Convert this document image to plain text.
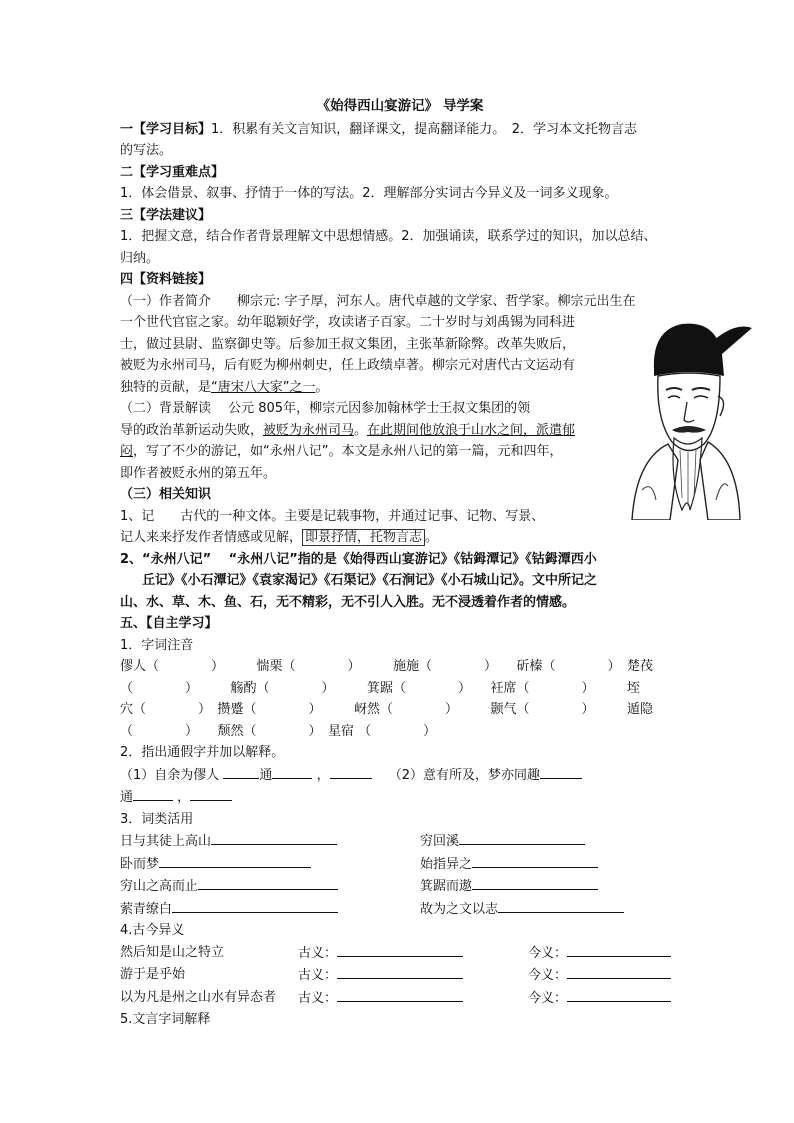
《始得西山宴游记》 导学案
一【学习目标】1．积累有关文言知识，翻译课文，提高翻译能力。　2．学习本文托物言志
的写法。
二【学习重难点】
1．体会借景、叙事、抒情于一体的写法。2．理解部分实词古今异义及一词多义现象。
三【学法建议】
1．把握文意，结合作者背景理解文中思想情感。2．加强诵读，联系学过的知识，加以总结、
归纳。
四【资料链接】
（一）作者简介　　柳宗元: 字子厚，河东人。唐代卓越的文学家、哲学家。柳宗元出生在
一个世代官宦之家。幼年聪颖好学，攻读诸子百家。二十岁时与刘禹锡为同科进
士，做过县尉、监察御史等。后参加王叔文集团，主张革新除弊。改革失败后，
被贬为永州司马，后有贬为柳州刺史，任上政绩卓著。柳宗元对唐代古文运动有
独特的贡献，是“唐宋八大家”之一。
（二）背景解读　 公元 805年，柳宗元因参加翰林学士王叔文集团的领
导的政治革新运动失败，被贬为永州司马。在此期间他放浪于山水之间，派遣郁
闷，写了不少的游记，如“永州八记”。本文是永州八记的第一篇，元和四年，
即作者被贬永州的第五年。
（三）相关知识
1、记　　古代的一种文体。主要是记载事物，并通过记事、记物、写景、
记人来来抒发作者情感或见解， 即景抒情，托物言志 。
2、“永州八记”　 “永州八记”指的是《始得西山宴游记》《钴鉧潭记》《钴鉧潭西小
丘记》《小石潭记》《袁家渴记》《石渠记》《石涧记》《小石城山记》。文中所记之
山、水、草、木、鱼、石，无不精彩，无不引人入胜。无不浸透着作者的情感。
五、【自主学习】
1．字词注音
僇人（　　　　）　　　惴栗（　　　　）　　　施施（　　　　）　　斫榛（　　　　）　楚茷
（　　　　）　　　觞酌（　　　　）　　　箕踞（　　　　）　　衽席（　　　　）　　　垤
穴（　　　　）　攒蹙（　　　　）　　　岈然（　　　　）　　　颢气（　　　　）　　　遁隐
（　　　　）　　颓然（　　　　）　星宿 （　　　　）
2．指出通假字并加以解释。
（1）自余为僇人	通	，　	（2）意有所及，梦亦同趣
通	，
3．词类活用
日与其徒上高山	穷回溪
卧而梦	始指异之
穷山之高而止	箕踞而遨
萦青缭白	故为之文以志
4.古今异义
然后知是山之特立	古义：	今义：
游于是乎始	古义：	今义：
以为凡是州之山水有异态者	古义：	今义：
5.文言字词解释
